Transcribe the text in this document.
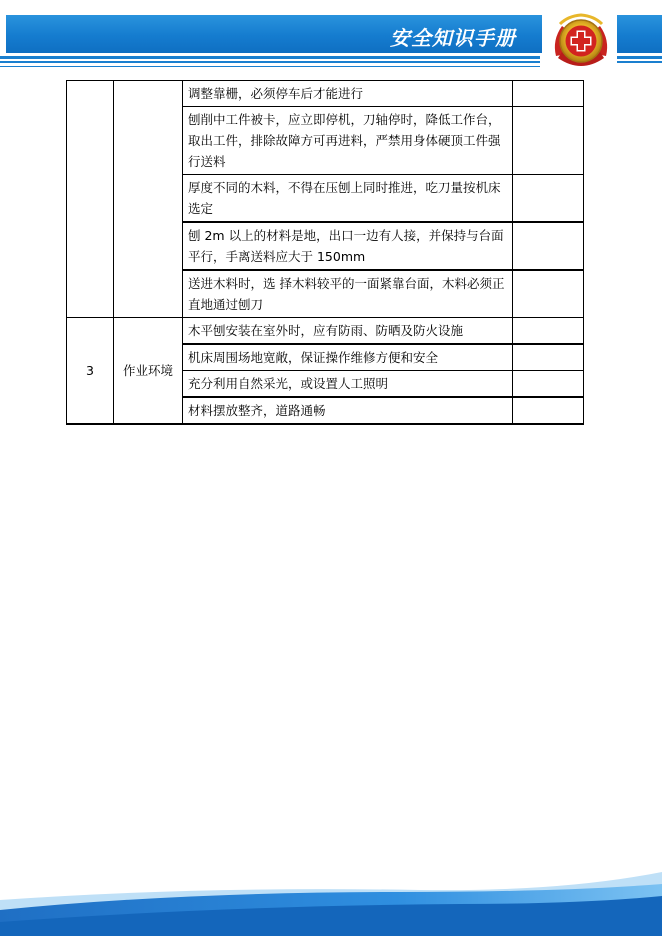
安全知识手册
		调整靠栅，必须停车后才能进行	
		刨削中工件被卡，应立即停机，刀轴停时，降低工作台，取出工件，排除故障方可再进料，严禁用身体硬顶工件强行送料	
		厚度不同的木料，不得在压刨上同时推进，吃刀量按机床选定	
		刨 2m 以上的材料是地，出口一边有人接，并保持与台面平行，手离送料应大于 150mm	
		送进木料时，选 择木料较平的一面紧靠台面，木料必须正直地通过刨刀	
3	作业环境	木平刨安装在室外时，应有防雨、防晒及防火设施	
		机床周围场地宽敞，保证操作维修方便和安全	
		充分利用自然采光，或设置人工照明	
		材料摆放整齐，道路通畅	
